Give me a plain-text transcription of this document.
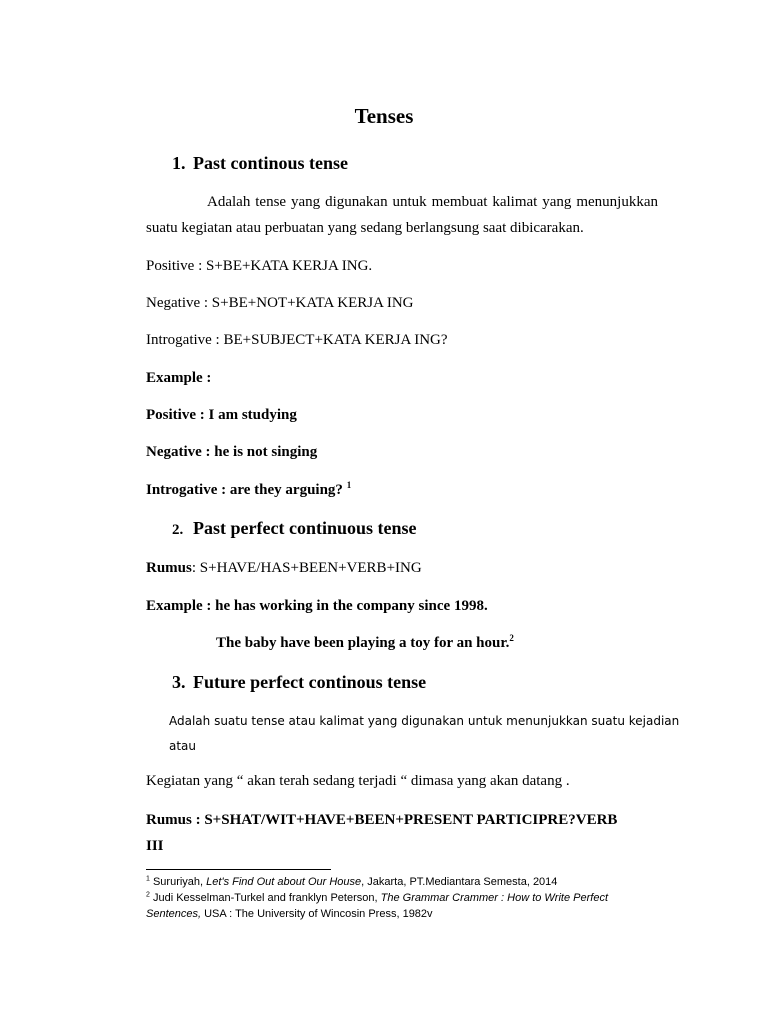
Tenses
1. Past continous tense
Adalah tense yang digunakan untuk membuat kalimat yang menunjukkan
suatu kegiatan atau perbuatan yang sedang berlangsung saat dibicarakan.
Positive : S+BE+KATA KERJA ING.
Negative : S+BE+NOT+KATA KERJA ING
Introgative : BE+SUBJECT+KATA KERJA ING?
Example :
Positive : I am studying
Negative : he is not singing
Introgative : are they arguing? $^1$
2. Past perfect continuous tense
Rumus: S+HAVE/HAS+BEEN+VERB+ING
Example : he has working in the company since 1998.
The baby have been playing a toy for an hour.$^2$
3. Future perfect continous tense
Adalah suatu tense atau kalimat yang digunakan untuk menunjukkan suatu kejadian
atau
Kegiatan yang “ akan terah sedang terjadi “ dimasa yang akan datang .
Rumus : S+SHAT/WIT+HAVE+BEEN+PRESENT PARTICIPRE?VERB
III
$^1$ Sururiyah, Let's Find Out about Our House, Jakarta, PT.Mediantara Semesta, 2014
$^2$ Judi Kesselman-Turkel and franklyn Peterson, The Grammar Crammer : How to Write Perfect
Sentences, USA : The University of Wincosin Press, 1982v
